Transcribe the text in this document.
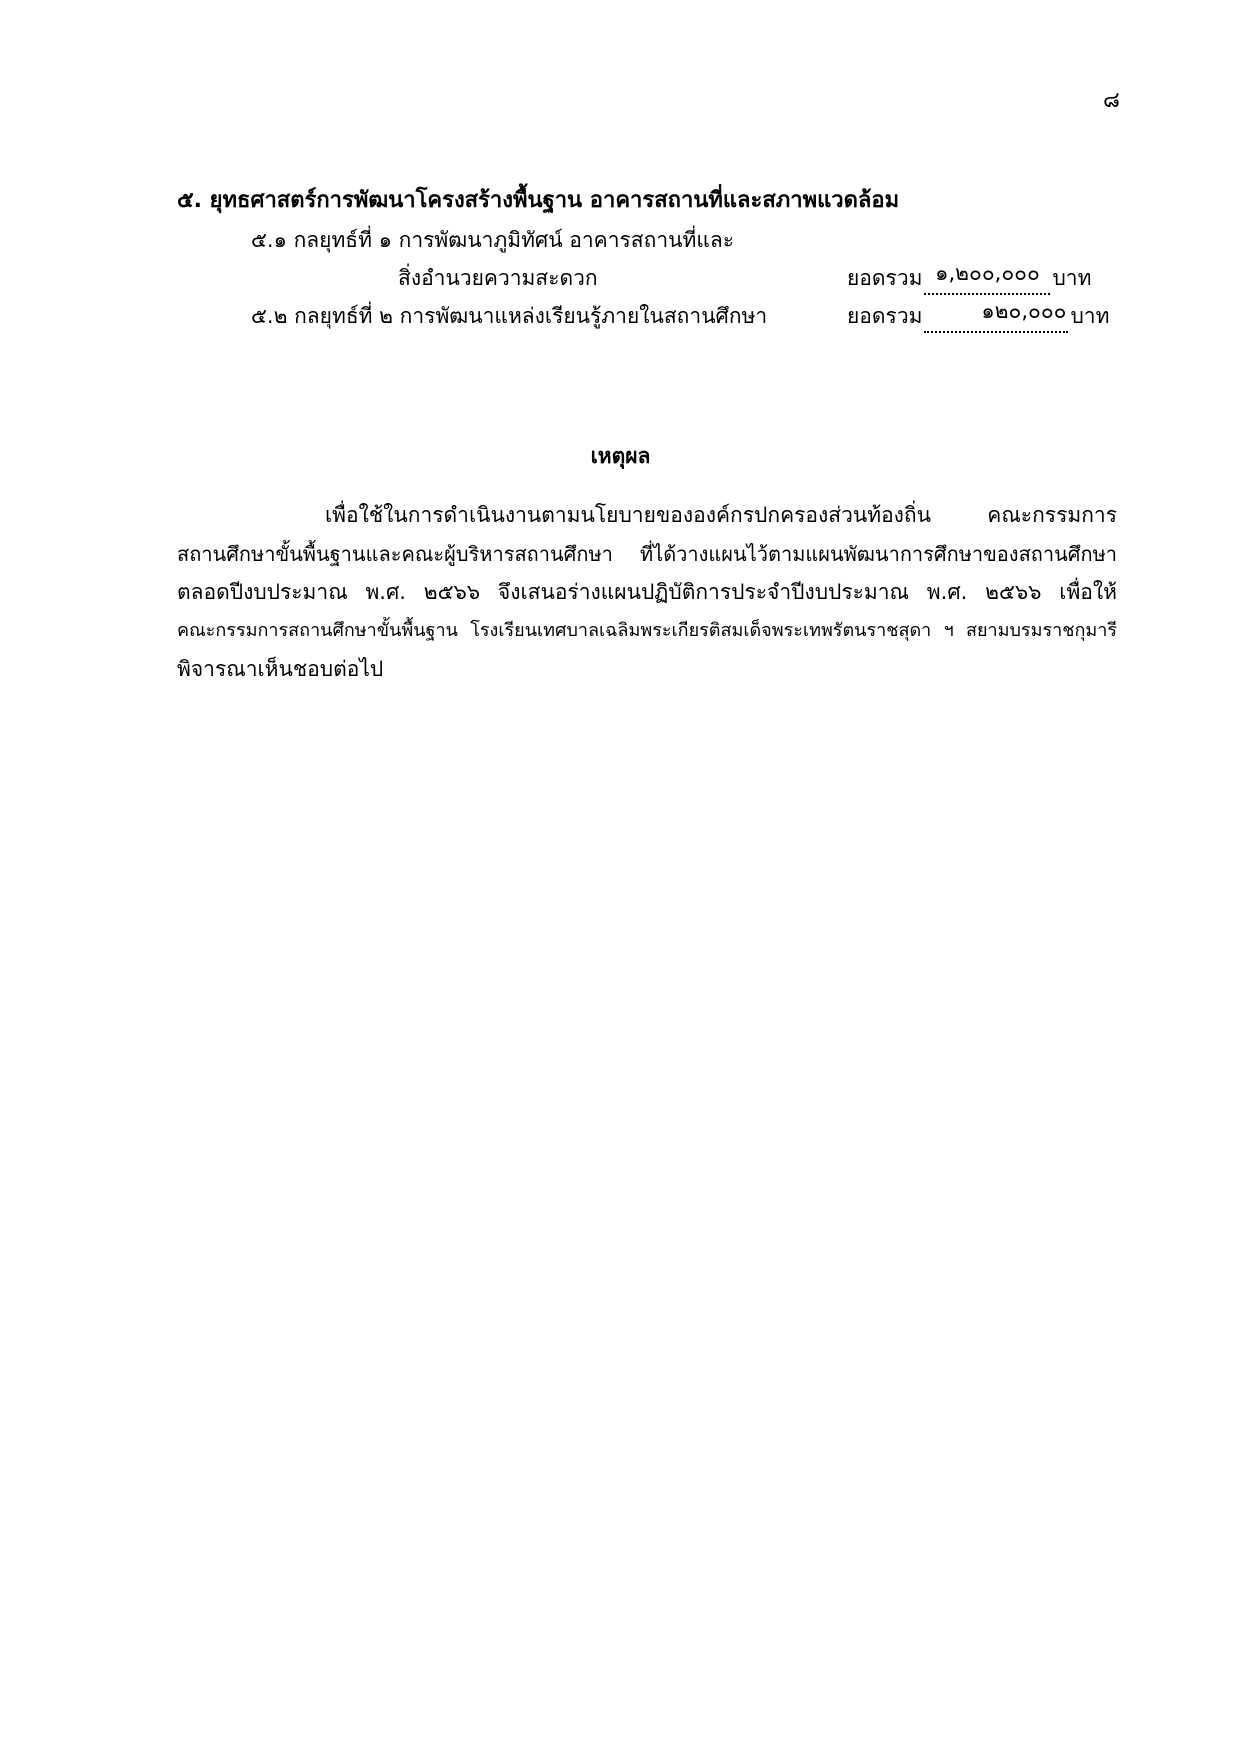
๘
๕. ยุทธศาสตร์การพัฒนาโครงสร้างพื้นฐาน อาคารสถานที่และสภาพแวดล้อม
๕.๑ กลยุทธ์ที่ ๑ การพัฒนาภูมิทัศน์ อาคารสถานที่และ
สิ่งอำนวยความสะดวก	ยอดรวม ๑,๒๐๐,๐๐๐ บาท
๕.๒ กลยุทธ์ที่ ๒ การพัฒนาแหล่งเรียนรู้ภายในสถานศึกษา	ยอดรวม	๑๒๐,๐๐๐ บาท
เหตุผล
เพื่อใช้ในการดำเนินงานตามนโยบายขององค์กรปกครองส่วนท้องถิ่น คณะกรรมการ
สถานศึกษาขั้นพื้นฐานและคณะผู้บริหารสถานศึกษา ที่ได้วางแผนไว้ตามแผนพัฒนาการศึกษาของสถานศึกษา
ตลอดปีงบประมาณ พ.ศ. ๒๕๖๖ จึงเสนอร่างแผนปฏิบัติการประจำปีงบประมาณ พ.ศ. ๒๕๖๖ เพื่อให้
คณะกรรมการสถานศึกษาขั้นพื้นฐาน โรงเรียนเทศบาลเฉลิมพระเกียรติสมเด็จพระเทพรัตนราชสุดา ฯ สยามบรมราชกุมารี
พิจารณาเห็นชอบต่อไป
